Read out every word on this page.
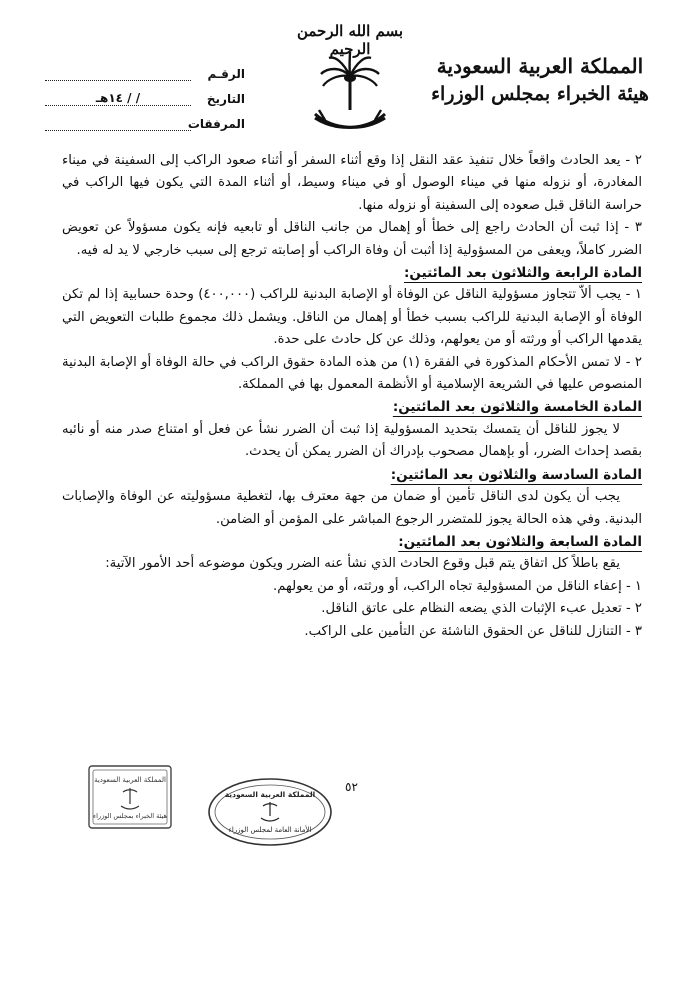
بسم الله الرحمن الرحيم
المملكة العربية السعودية
هيئة الخبراء بمجلس الوزراء
الرقـم
التاريخ
/ / ١٤هـ
المرفقات

٢ - يعد الحادث واقعاً خلال تنفيذ عقد النقل إذا وقع أثناء السفر أو أثناء صعود الراكب إلى السفينة في ميناء المغادرة، أو نزوله منها في ميناء الوصول أو في ميناء وسيط، أو أثناء المدة التي يكون فيها الراكب في حراسة الناقل قبل صعوده إلى السفينة أو نزوله منها.

٣ - إذا ثبت أن الحادث راجع إلى خطأ أو إهمال من جانب الناقل أو تابعيه فإنه يكون مسؤولاً عن تعويض الضرر كاملاً، ويعفى من المسؤولية إذا أثبت أن وفاة الراكب أو إصابته ترجع إلى سبب خارجي لا يد له فيه.

المادة الرابعة والثلاثون بعد المائتين:

١ - يجب ألاّ تتجاوز مسؤولية الناقل عن الوفاة أو الإصابة البدنية للراكب (٤٠٠,٠٠٠) وحدة حسابية إذا لم تكن الوفاة أو الإصابة البدنية للراكب بسبب خطأ أو إهمال من الناقل. ويشمل ذلك مجموع طلبات التعويض التي يقدمها الراكب أو ورثته أو من يعولهم، وذلك عن كل حادث على حدة.

٢ - لا تمس الأحكام المذكورة في الفقرة (١) من هذه المادة حقوق الراكب في حالة الوفاة أو الإصابة البدنية المنصوص عليها في الشريعة الإسلامية أو الأنظمة المعمول بها في المملكة.

المادة الخامسة والثلاثون بعد المائتين:

لا يجوز للناقل أن يتمسك بتحديد المسؤولية إذا ثبت أن الضرر نشأ عن فعل أو امتناع صدر منه أو نائبه بقصد إحداث الضرر، أو بإهمال مصحوب بإدراك أن الضرر يمكن أن يحدث.

المادة السادسة والثلاثون بعد المائتين:

يجب أن يكون لدى الناقل تأمين أو ضمان من جهة معترف بها، لتغطية مسؤوليته عن الوفاة والإصابات البدنية. وفي هذه الحالة يجوز للمتضرر الرجوع المباشر على المؤمن أو الضامن.

المادة السابعة والثلاثون بعد المائتين:

يقع باطلاً كل اتفاق يتم قبل وقوع الحادث الذي نشأ عنه الضرر ويكون موضوعه أحد الأمور الآتية:

١ - إعفاء الناقل من المسؤولية تجاه الراكب، أو ورثته، أو من يعولهم.

٢ - تعديل عبء الإثبات الذي يضعه النظام على عاتق الناقل.

٣ - التنازل للناقل عن الحقوق الناشئة عن التأمين على الراكب.

٥٢
المملكة العربية السعودية
هيئة الخبراء بمجلس الوزراء
المملكة العربية السعودية
الأمانة العامة لمجلس الوزراء
